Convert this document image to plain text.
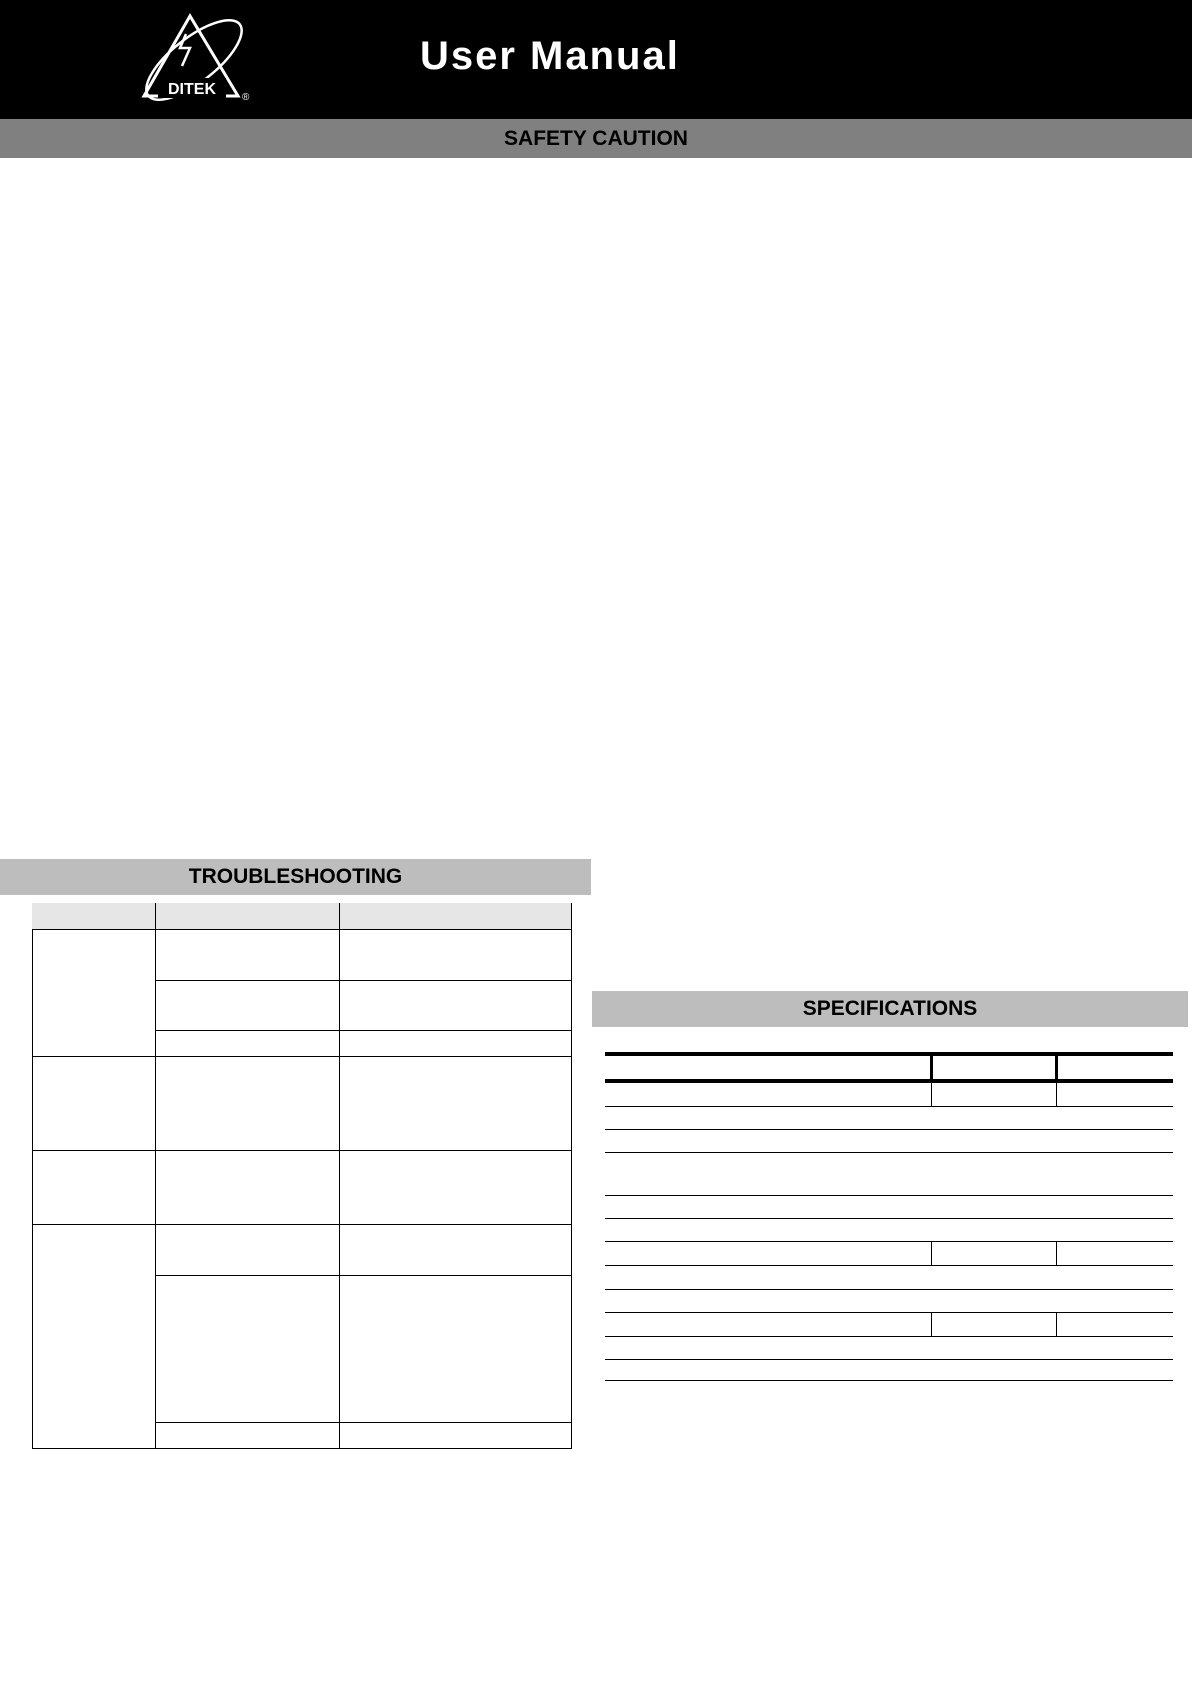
DITEK	®
User Manual
SAFETY CAUTION
TROUBLESHOOTING
SPECIFICATIONS
